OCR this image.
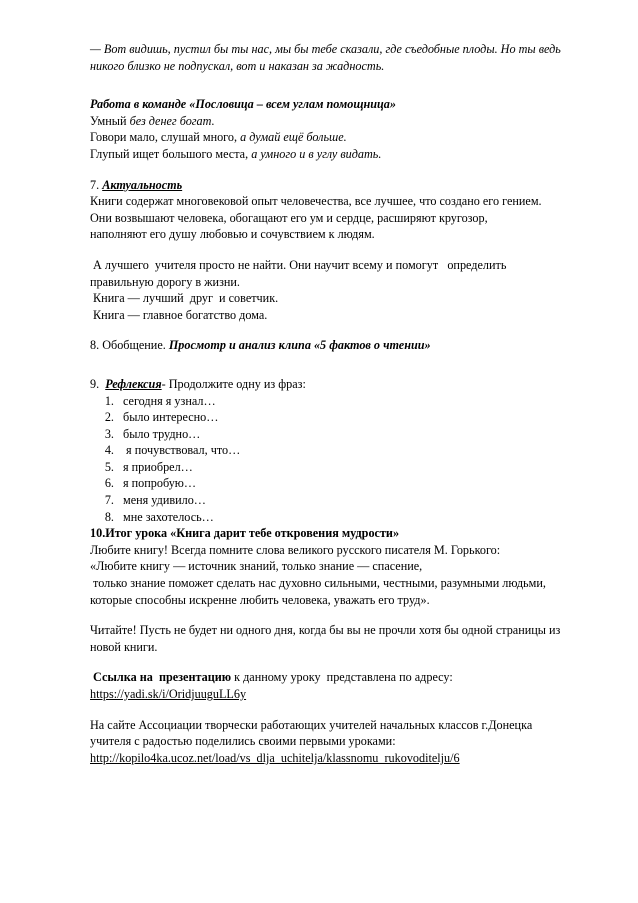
— Вот видишь, пустил бы ты нас, мы бы тебе сказали, где съедобные плоды. Но ты ведь

никого близко не подпускал, вот и наказан за жадность.

Работа в команде «Пословица – всем углам помощница»

Умный без денег богат.

Говори мало, слушай много, а думай ещё больше.

Глупый ищет большого места, а умного и в углу видать.

7. Актуальность

Книги содержат многовековой опыт человечества, все лучшее, что создано его гением.

Они возвышают человека, обогащают его ум и сердце, расширяют кругозор,

наполняют его душу любовью и сочувствием к людям.

А лучшего  учителя просто не найти. Они научит всему и помогут   определить

правильную дорогу в жизни.

Книга — лучший  друг  и советчик.

Книга — главное богатство дома.

8. Обобщение. Просмотр и анализ клипа «5 фактов о чтении»

9.  Рефлексия- Продолжите одну из фраз:

1. сегодня я узнал…
2. было интересно…
3. было трудно…
4.  я почувствовал, что…
5. я приобрел…
6. я попробую…
7. меня удивило…
8. мне захотелось…

10.Итог урока «Книга дарит тебе откровения мудрости»

Любите книгу! Всегда помните слова великого русского писателя М. Горького:

«Любите книгу — источник знаний, только знание — спасение,

только знание поможет сделать нас духовно сильными, честными, разумными людьми,

которые способны искренне любить человека, уважать его труд».

Читайте! Пусть не будет ни одного дня, когда бы вы не прочли хотя бы одной страницы из

новой книги.

Ссылка на  презентацию к данному уроку  представлена по адресу:

https://yadi.sk/i/OridjuuguLL6y

На сайте Ассоциации творчески работающих учителей начальных классов г.Донецка

учителя с радостью поделились своими первыми уроками:

http://kopilo4ka.ucoz.net/load/vs_dlja_uchitelja/klassnomu_rukovoditelju/6
